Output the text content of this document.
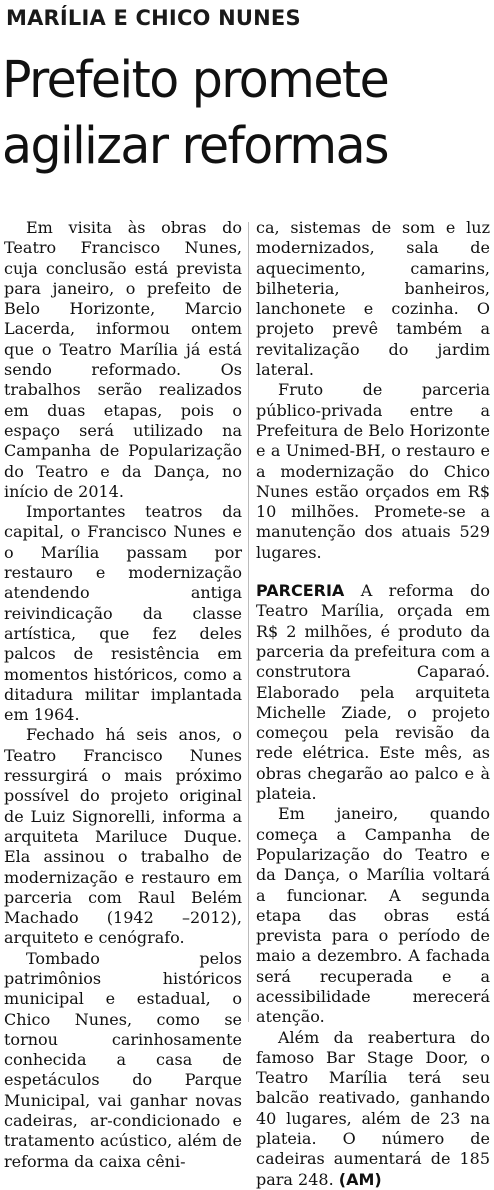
MARÍLIA E CHICO NUNES
Prefeito promete agilizar reformas

Em visita às obras do Teatro Francisco Nunes, cuja conclusão está prevista para janeiro, o prefeito de Belo Horizonte, Marcio Lacerda, informou ontem que o Teatro Marília já está sendo reformado. Os trabalhos serão realizados em duas etapas, pois o espaço será utilizado na Campanha de Popularização do Teatro e da Dança, no início de 2014.

Importantes teatros da capital, o Francisco Nunes e o Marília passam por restauro e modernização atendendo antiga reivindicação da classe artística, que fez deles palcos de resistência em momentos históricos, como a ditadura militar implantada em 1964.

Fechado há seis anos, o Teatro Francisco Nunes ressurgirá o mais próximo possível do projeto original de Luiz Signorelli, informa a arquiteta Marilucе Duque. Ela assinou o trabalho de modernização e restauro em parceria com Raul Belém Machado (1942 –2012), arquiteto e cenógrafo.

Tombado pelos patrimônios históricos municipal e estadual, o Chico Nunes, como se tornou carinhosamente conhecida a casa de espetáculos do Parque Municipal, vai ganhar novas cadeiras, ar-condicionado e tratamento acústico, além de reforma da caixa cêni-

ca, sistemas de som e luz modernizados, sala de aquecimento, camarins, bilheteria, banheiros, lanchonete e cozinha. O projeto prevê também a revitalização do jardim lateral.

Fruto de parceria público-privada entre a Prefeitura de Belo Horizonte e a Unimed-BH, o restauro e a modernização do Chico Nunes estão orçados em R$ 10 milhões. Promete-se a manutenção dos atuais 529 lugares.

PARCERIA A reforma do Teatro Marília, orçada em R$ 2 milhões, é produto da parceria da prefeitura com a construtora Caparaó. Elaborado pela arquiteta Michelle Ziade, o projeto começou pela revisão da rede elétrica. Este mês, as obras chegarão ao palco e à plateia.

Em janeiro, quando começa a Campanha de Popularização do Teatro e da Dança, o Marília voltará a funcionar. A segunda etapa das obras está prevista para o período de maio a dezembro. A fachada será recuperada e a acessibilidade merecerá atenção.

Além da reabertura do famoso Bar Stage Door, o Teatro Marília terá seu balcão reativado, ganhando 40 lugares, além de 23 na plateia. O número de cadeiras aumentará de 185 para 248. (AM)
